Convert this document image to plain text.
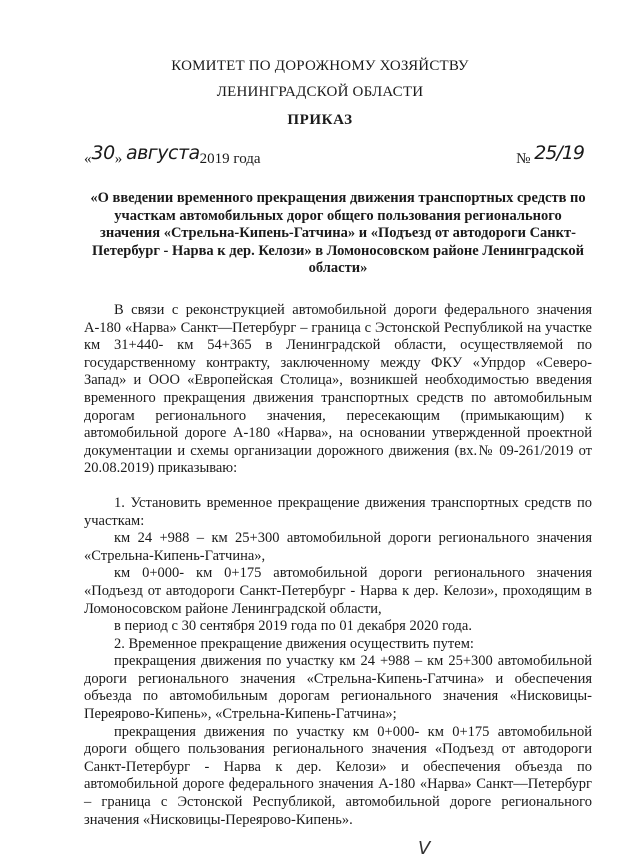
КОМИТЕТ ПО ДОРОЖНОМУ ХОЗЯЙСТВУ
ЛЕНИНГРАДСКОЙ ОБЛАСТИ
ПРИКАЗ
«30» августа2019 года	№ 25/19
«О введении временного прекращения движения транспортных средств по участкам автомобильных дорог общего пользования регионального значения «Стрельна-Кипень-Гатчина» и «Подъезд от автодороги Санкт-Петербург - Нарва к дер. Келози» в Ломоносовском районе Ленинградской области»

В связи с реконструкцией автомобильной дороги федерального значения А-180 «Нарва» Санкт—Петербург – граница с Эстонской Республикой на участке км 31+440- км 54+365 в Ленинградской области, осуществляемой по государственному контракту, заключенному между ФКУ «Упрдор «Северо-Запад» и ООО «Европейская Столица», возникшей необходимостью введения временного прекращения движения транспортных средств по автомобильным дорогам регионального значения, пересекающим (примыкающим) к автомобильной дороге А-180 «Нарва», на основании утвержденной проектной документации и схемы организации дорожного движения (вх.№ 09-261/2019 от 20.08.2019) приказываю:

1. Установить временное прекращение движения транспортных средств по участкам:

км 24 +988 – км 25+300 автомобильной дороги регионального значения «Стрельна-Кипень-Гатчина»,

км 0+000- км 0+175 автомобильной дороги регионального значения «Подъезд от автодороги Санкт-Петербург - Нарва к дер. Келози», проходящим в Ломоносовском районе Ленинградской области,

в период с 30 сентября 2019 года по 01 декабря 2020 года.

2. Временное прекращение движения осуществить путем:

прекращения движения по участку км 24 +988 – км 25+300 автомобильной дороги регионального значения «Стрельна-Кипень-Гатчина» и обеспечения объезда по автомобильным дорогам регионального значения «Нисковицы-Переярово-Кипень», «Стрельна-Кипень-Гатчина»;

прекращения движения по участку км 0+000- км 0+175 автомобильной дороги общего пользования регионального значения «Подъезд от автодороги Санкт-Петербург - Нарва к дер. Келози» и обеспечения объезда по автомобильной дороге федерального значения А-180 «Нарва» Санкт—Петербург – граница с Эстонской Республикой, автомобильной дороге регионального значения «Нисковицы-Переярово-Кипень».

V
